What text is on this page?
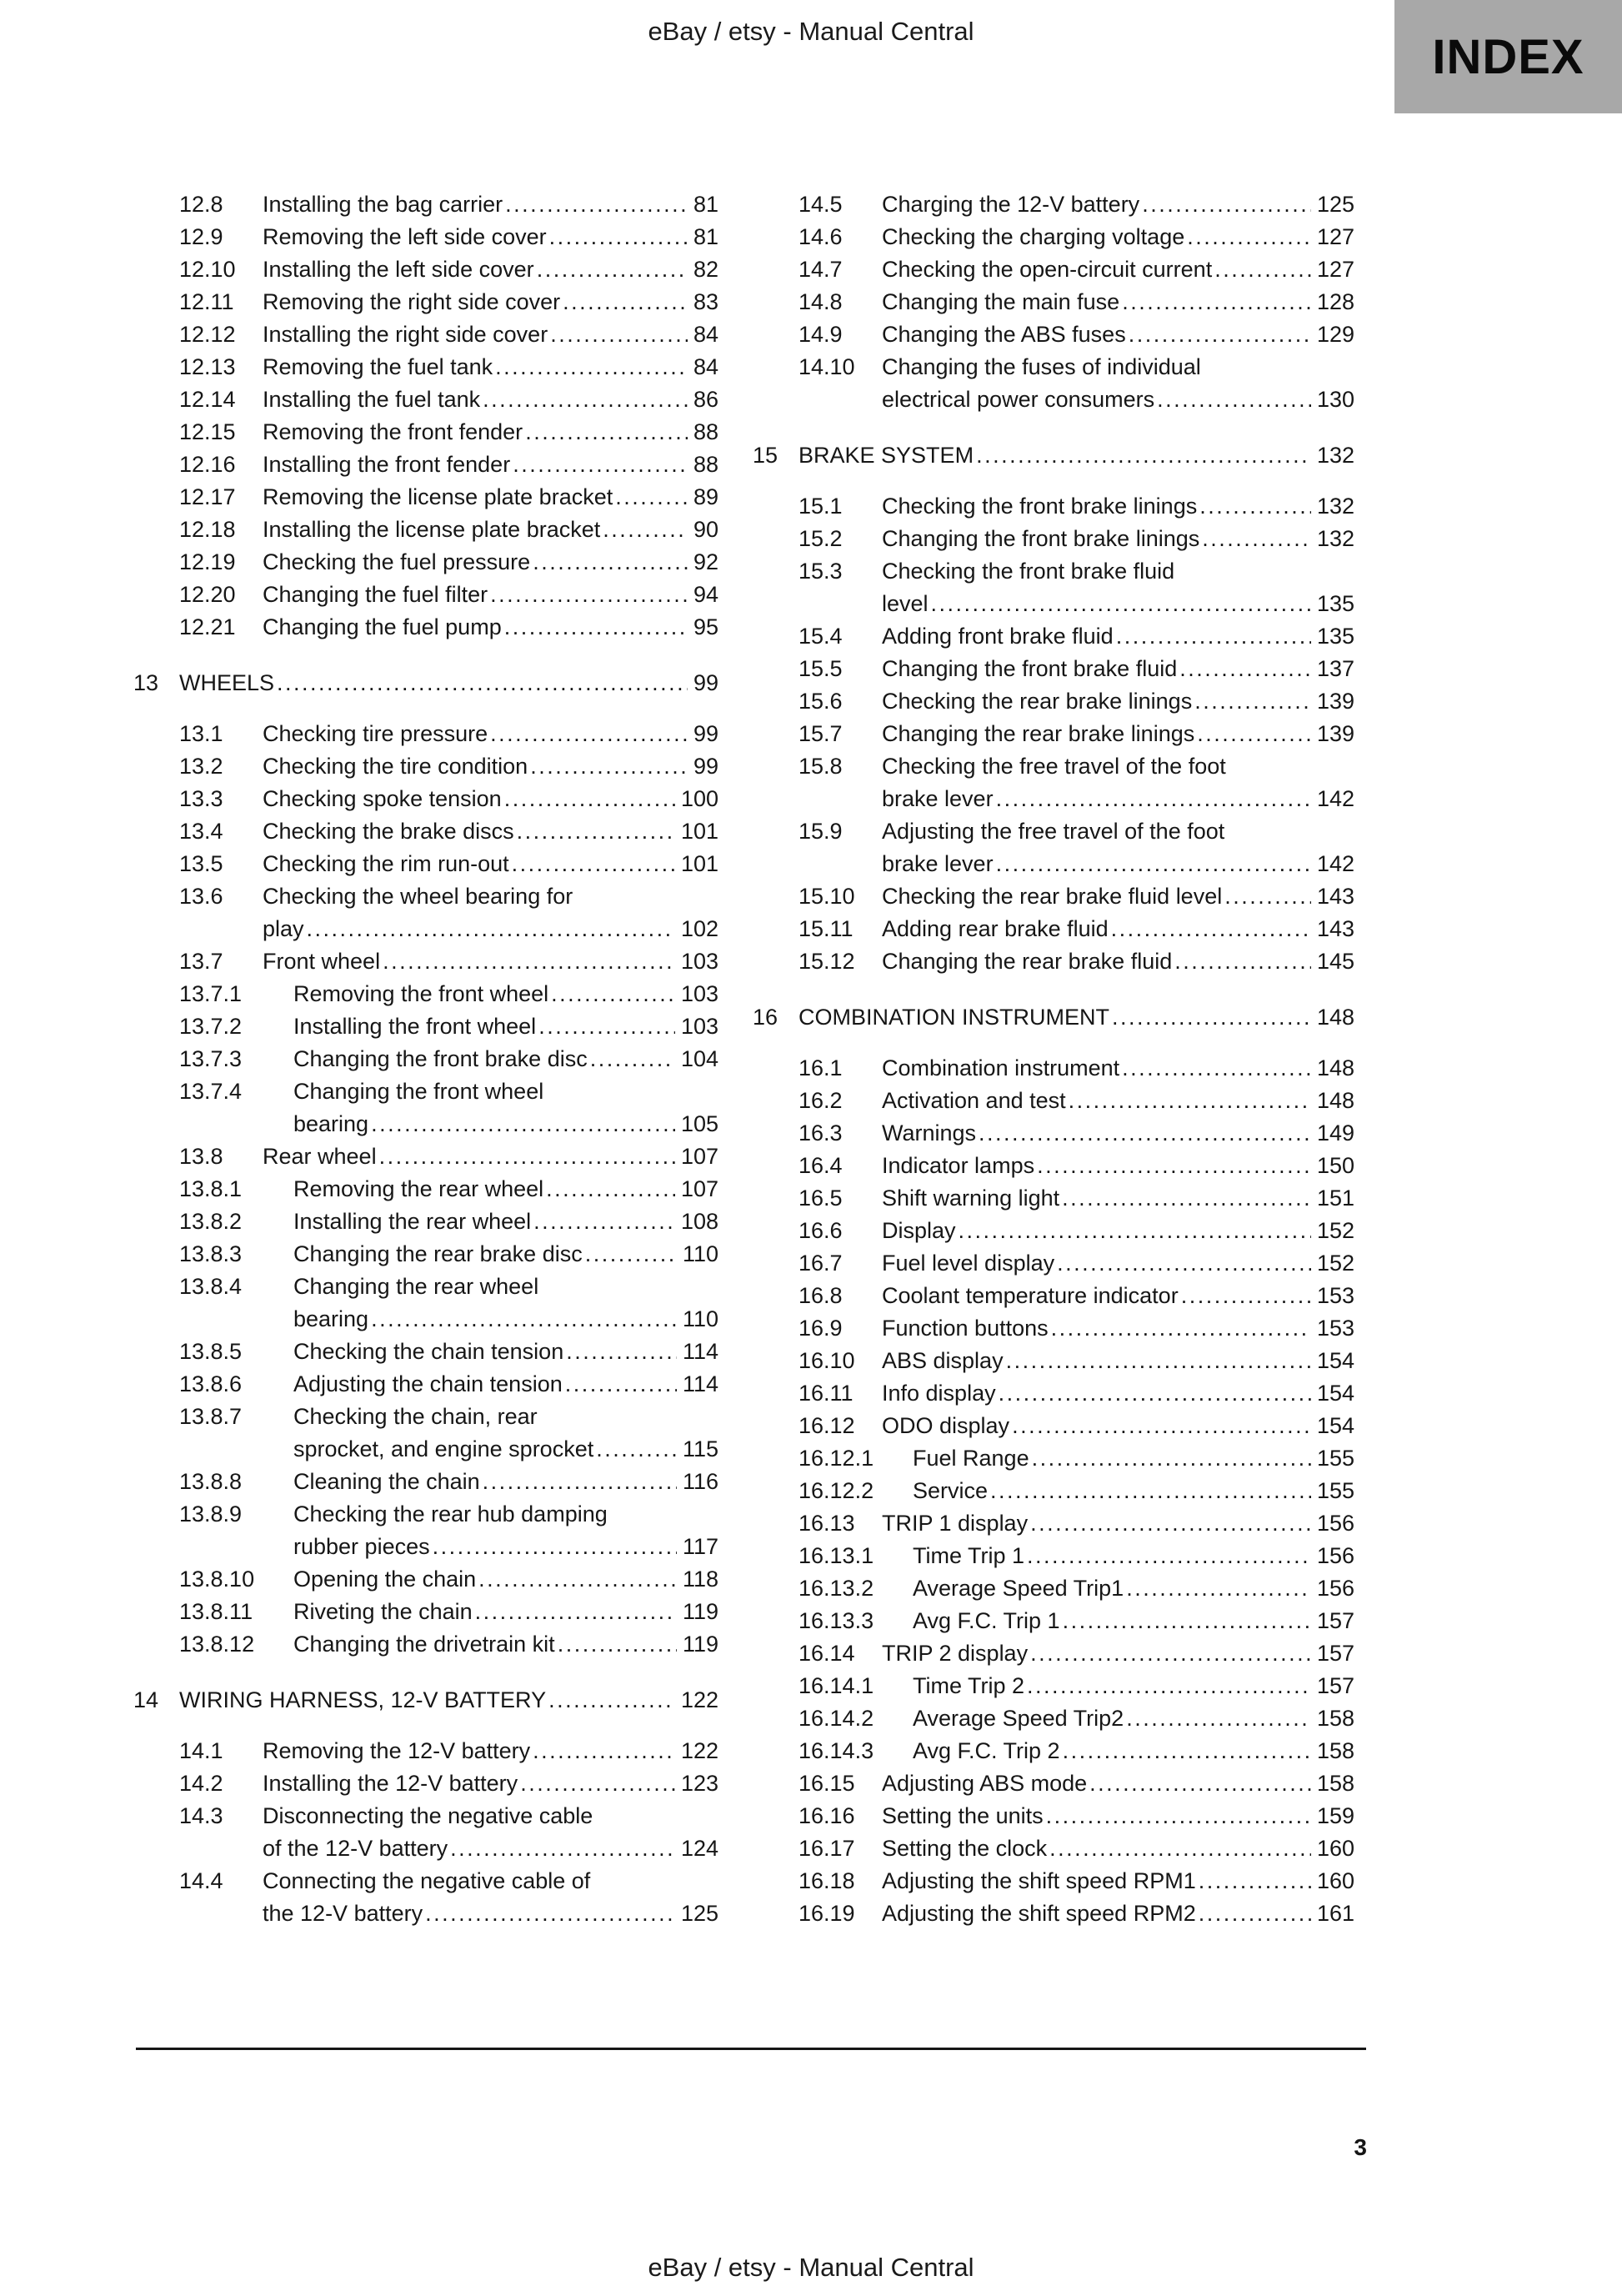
eBay / etsy - Manual Central	INDEX
12.8	Installing the bag carrier .....	81
12.9	Removing the left side cover .....	81
12.10	Installing the left side cover .....	82
12.11	Removing the right side cover .....	83
12.12	Installing the right side cover .....	84
12.13	Removing the fuel tank .....	84
12.14	Installing the fuel tank .....	86
12.15	Removing the front fender .....	88
12.16	Installing the front fender .....	88
12.17	Removing the license plate bracket .....	89
12.18	Installing the license plate bracket .....	90
12.19	Checking the fuel pressure .....	92
12.20	Changing the fuel filter .....	94
12.21	Changing the fuel pump .....	95
13 WHEELS .....	99
13.1	Checking tire pressure .....	99
13.2	Checking the tire condition .....	99
13.3	Checking spoke tension .....	100
13.4	Checking the brake discs .....	101
13.5	Checking the rim run-out .....	101
13.6	Checking the wheel bearing for
play .....	102
13.7	Front wheel .....	103
13.7.1	Removing the front wheel .....	103
13.7.2	Installing the front wheel .....	103
13.7.3	Changing the front brake disc .....	104
13.7.4	Changing the front wheel
bearing .....	105
13.8	Rear wheel .....	107
13.8.1	Removing the rear wheel .....	107
13.8.2	Installing the rear wheel .....	108
13.8.3	Changing the rear brake disc .....	110
13.8.4	Changing the rear wheel
bearing .....	110
13.8.5	Checking the chain tension .....	114
13.8.6	Adjusting the chain tension .....	114
13.8.7	Checking the chain, rear
sprocket, and engine sprocket .....	115
13.8.8	Cleaning the chain .....	116
13.8.9	Checking the rear hub damping
rubber pieces .....	117
13.8.10	Opening the chain .....	118
13.8.11	Riveting the chain .....	119
13.8.12	Changing the drivetrain kit .....	119
14 WIRING HARNESS, 12-V BATTERY .....	122
14.1	Removing the 12-V battery .....	122
14.2	Installing the 12-V battery .....	123
14.3	Disconnecting the negative cable
of the 12-V battery .....	124
14.4	Connecting the negative cable of
the 12-V battery .....	125
14.5	Charging the 12-V battery .....	125
14.6	Checking the charging voltage .....	127
14.7	Checking the open-circuit current .....	127
14.8	Changing the main fuse .....	128
14.9	Changing the ABS fuses .....	129
14.10	Changing the fuses of individual
electrical power consumers .....	130
15 BRAKE SYSTEM .....	132
15.1	Checking the front brake linings .....	132
15.2	Changing the front brake linings .....	132
15.3	Checking the front brake fluid
level .....	135
15.4	Adding front brake fluid .....	135
15.5	Changing the front brake fluid .....	137
15.6	Checking the rear brake linings .....	139
15.7	Changing the rear brake linings .....	139
15.8	Checking the free travel of the foot
brake lever .....	142
15.9	Adjusting the free travel of the foot
brake lever .....	142
15.10	Checking the rear brake fluid level .....	143
15.11	Adding rear brake fluid .....	143
15.12	Changing the rear brake fluid .....	145
16 COMBINATION INSTRUMENT .....	148
16.1	Combination instrument .....	148
16.2	Activation and test .....	148
16.3	Warnings .....	149
16.4	Indicator lamps .....	150
16.5	Shift warning light .....	151
16.6	Display .....	152
16.7	Fuel level display .....	152
16.8	Coolant temperature indicator .....	153
16.9	Function buttons .....	153
16.10	ABS display .....	154
16.11	Info display .....	154
16.12	ODO display .....	154
16.12.1	Fuel Range .....	155
16.12.2	Service .....	155
16.13	TRIP 1 display .....	156
16.13.1	Time Trip 1 .....	156
16.13.2	Average Speed Trip1 .....	156
16.13.3	Avg F.C. Trip 1 .....	157
16.14	TRIP 2 display .....	157
16.14.1	Time Trip 2 .....	157
16.14.2	Average Speed Trip2 .....	158
16.14.3	Avg F.C. Trip 2 .....	158
16.15	Adjusting ABS mode .....	158
16.16	Setting the units .....	159
16.17	Setting the clock .....	160
16.18	Adjusting the shift speed RPM1 .....	160
16.19	Adjusting the shift speed RPM2 .....	161
3
eBay / etsy - Manual Central
